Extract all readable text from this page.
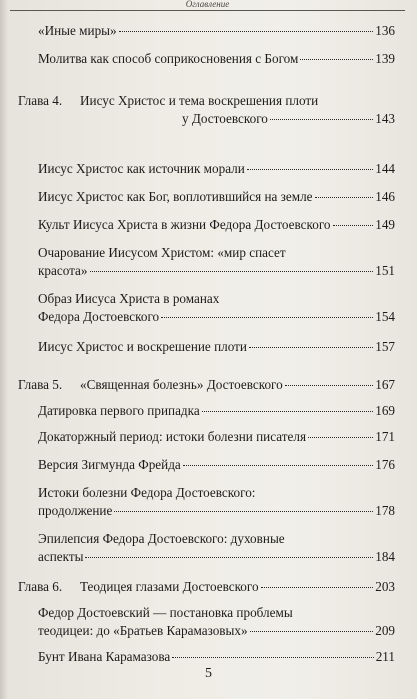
Оглавление
«Иные миры»	136
Молитва как способ соприкосновения с Богом	139
Глава 4. Иисус Христос и тема воскрешения плоти
у Достоевского	143
Иисус Христос как источник морали	144
Иисус Христос как Бог, воплотившийся на земле	146
Культ Иисуса Христа в жизни Федора Достоевского	149
Очарование Иисусом Христом: «мир спасет
красота»	151
Образ Иисуса Христа в романах
Федора Достоевского	154
Иисус Христос и воскрешение плоти	157
Глава 5. «Священная болезнь» Достоевского	167
Датировка первого припадка	169
Докаторжный период: истоки болезни писателя	171
Версия Зигмунда Фрейда	176
Истоки болезни Федора Достоевского:
продолжение	178
Эпилепсия Федора Достоевского: духовные
аспекты	184
Глава 6. Теодицея глазами Достоевского	203
Федор Достоевский — постановка проблемы
теодицеи: до «Братьев Карамазовых»	209
Бунт Ивана Карамазова	211
5
